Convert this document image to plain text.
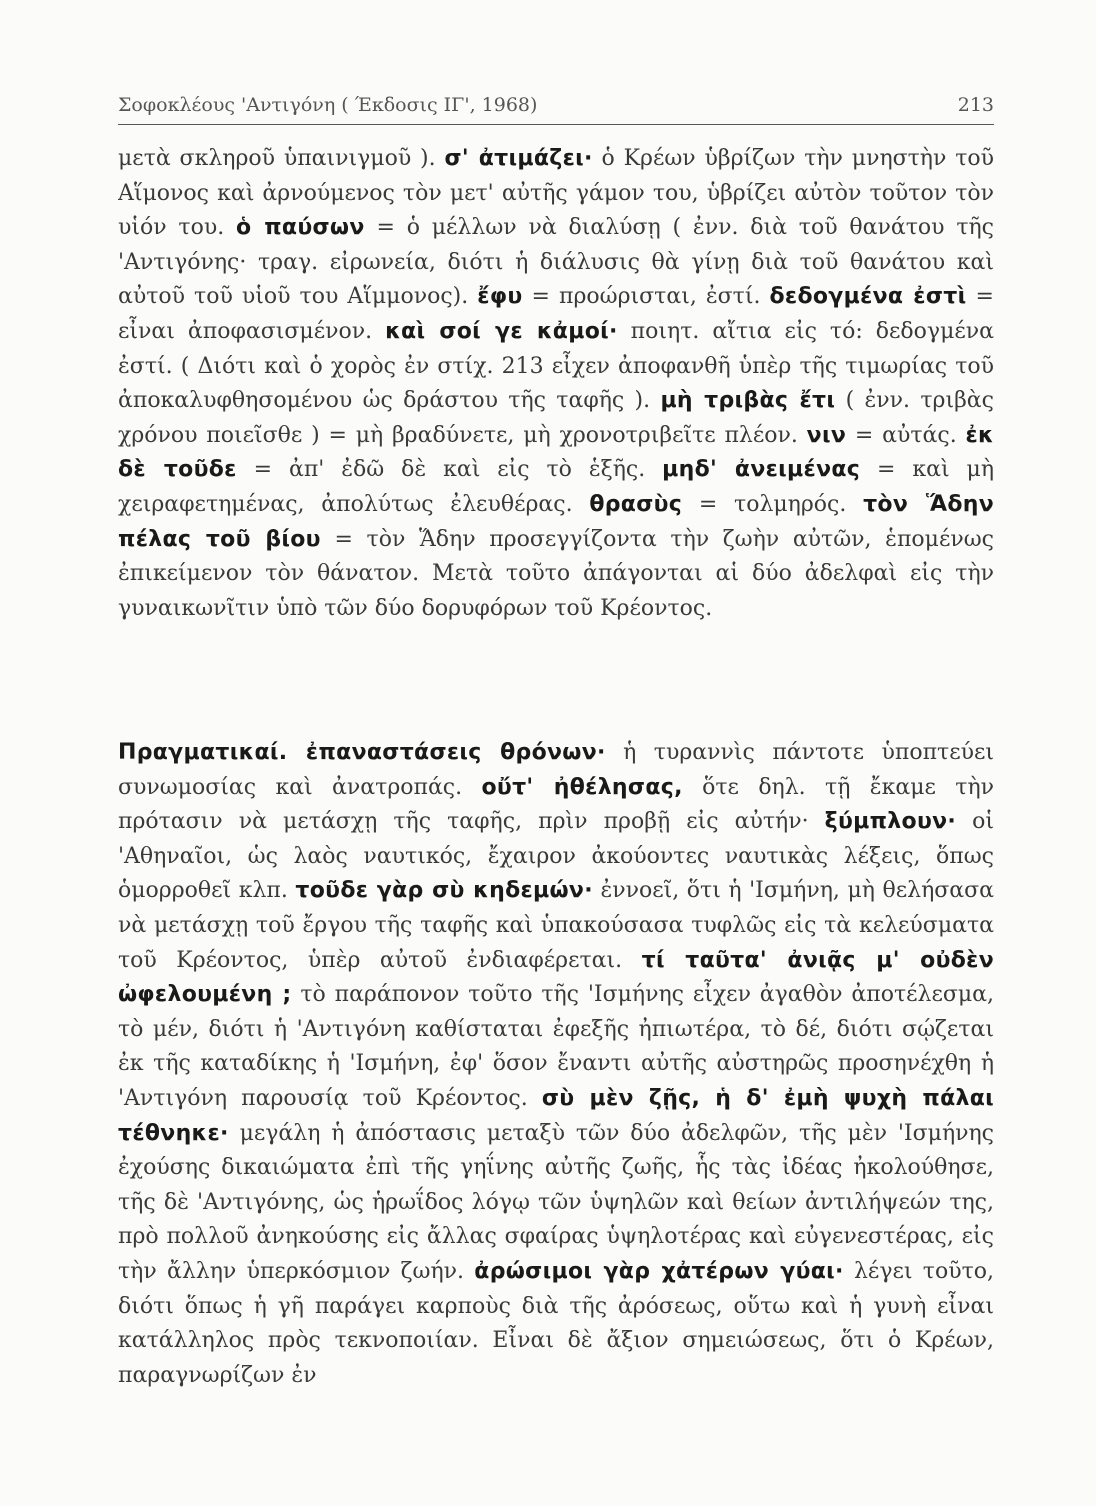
Σοφοκλέους 'Αντιγόνη ( Έκδοσις ΙΓ', 1968)	213

μετὰ σκληροῦ ὑπαινιγμοῦ ). σ' ἀτιμάζει· ὁ Κρέων ὑβρίζων τὴν μνηστὴν τοῦ Αἵμονος καὶ ἀρνούμενος τὸν μετ' αὐτῆς γάμον του, ὑβρίζει αὐτὸν τοῦτον τὸν υἱόν του. ὁ παύσων = ὁ μέλλων νὰ διαλύσῃ ( ἐνν. διὰ τοῦ θανάτου τῆς 'Αντιγόνης· τραγ. εἰρωνεία, διότι ἡ διάλυσις θὰ γίνῃ διὰ τοῦ θανάτου καὶ αὐτοῦ τοῦ υἱοῦ του Αἵμμονος). ἔφυ = προώρισται, ἐστί. δεδογμένα ἐστὶ = εἶναι ἀποφασισμένον. καὶ σοί γε κἀμοί· ποιητ. αἴτια εἰς τό: δεδογμένα ἐστί. ( Διότι καὶ ὁ χορὸς ἐν στίχ. 213 εἶχεν ἀποφανθῆ ὑπὲρ τῆς τιμωρίας τοῦ ἀποκαλυφθησομένου ὡς δράστου τῆς ταφῆς ). μὴ τριβὰς ἔτι ( ἐνν. τριβὰς χρόνου ποιεῖσθε ) = μὴ βραδύνετε, μὴ χρονοτριβεῖτε πλέον. νιν = αὐτάς. ἐκ δὲ τοῦδε = ἀπ' ἐδῶ δὲ καὶ εἰς τὸ ἑξῆς. μηδ' ἀνειμένας = καὶ μὴ χειραφετημένας, ἀπολύτως ἐλευθέρας. θρασὺς = τολμηρός. τὸν Ἅδην πέλας τοῦ βίου = τὸν Ἅδην προσεγγίζοντα τὴν ζωὴν αὐτῶν, ἑπομένως ἐπικείμενον τὸν θάνατον. Μετὰ τοῦτο ἀπάγονται αἱ δύο ἀδελφαὶ εἰς τὴν γυναικωνῖτιν ὑπὸ τῶν δύο δορυφόρων τοῦ Κρέοντος.

Πραγματικαί. ἐπαναστάσεις θρόνων· ἡ τυραννὶς πάντοτε ὑποπτεύει συνωμοσίας καὶ ἀνατροπάς. οὔτ' ἠθέλησας, ὅτε δηλ. τῇ ἔκαμε τὴν πρότασιν νὰ μετάσχῃ τῆς ταφῆς, πρὶν προβῇ εἰς αὐτήν· ξύμπλουν· οἱ 'Αθηναῖοι, ὡς λαὸς ναυτικός, ἔχαιρον ἀκούοντες ναυτικὰς λέξεις, ὅπως ὁμορροθεῖ κλπ. τοῦδε γὰρ σὺ κηδεμών· ἐννοεῖ, ὅτι ἡ 'Ισμήνη, μὴ θελήσασα νὰ μετάσχῃ τοῦ ἔργου τῆς ταφῆς καὶ ὑπακούσασα τυφλῶς εἰς τὰ κελεύσματα τοῦ Κρέοντος, ὑπὲρ αὐτοῦ ἐνδιαφέρεται. τί ταῦτα' ἀνιᾷς μ' οὐδὲν ὠφελουμένη ; τὸ παράπονον τοῦτο τῆς 'Ισμήνης εἶχεν ἀγαθὸν ἀποτέλεσμα, τὸ μέν, διότι ἡ 'Αντιγόνη καθίσταται ἐφεξῆς ἠπιωτέρα, τὸ δέ, διότι σῴζεται ἐκ τῆς καταδίκης ἡ 'Ισμήνη, ἐφ' ὅσον ἔναντι αὐτῆς αὐστηρῶς προσηνέχθη ἡ 'Αντιγόνη παρουσίᾳ τοῦ Κρέοντος. σὺ μὲν ζῇς, ἡ δ' ἐμὴ ψυχὴ πάλαι τέθνηκε· μεγάλη ἡ ἀπόστασις μεταξὺ τῶν δύο ἀδελφῶν, τῆς μὲν 'Ισμήνης ἐχούσης δικαιώματα ἐπὶ τῆς γηΐνης αὐτῆς ζωῆς, ἧς τὰς ἰδέας ἠκολούθησε, τῆς δὲ 'Αντιγόνης, ὡς ἡρωΐδος λόγῳ τῶν ὑψηλῶν καὶ θείων ἀντιλήψεών της, πρὸ πολλοῦ ἀνηκούσης εἰς ἄλλας σφαίρας ὑψηλοτέρας καὶ εὐγενεστέρας, εἰς τὴν ἄλλην ὑπερκόσμιον ζωήν. ἀρώσιμοι γὰρ χἀτέρων γύαι· λέγει τοῦτο, διότι ὅπως ἡ γῆ παράγει καρποὺς διὰ τῆς ἀρόσεως, οὕτω καὶ ἡ γυνὴ εἶναι κατάλληλος πρὸς τεκνοποιίαν. Εἶναι δὲ ἄξιον σημειώσεως, ὅτι ὁ Κρέων, παραγνωρίζων ἐν
